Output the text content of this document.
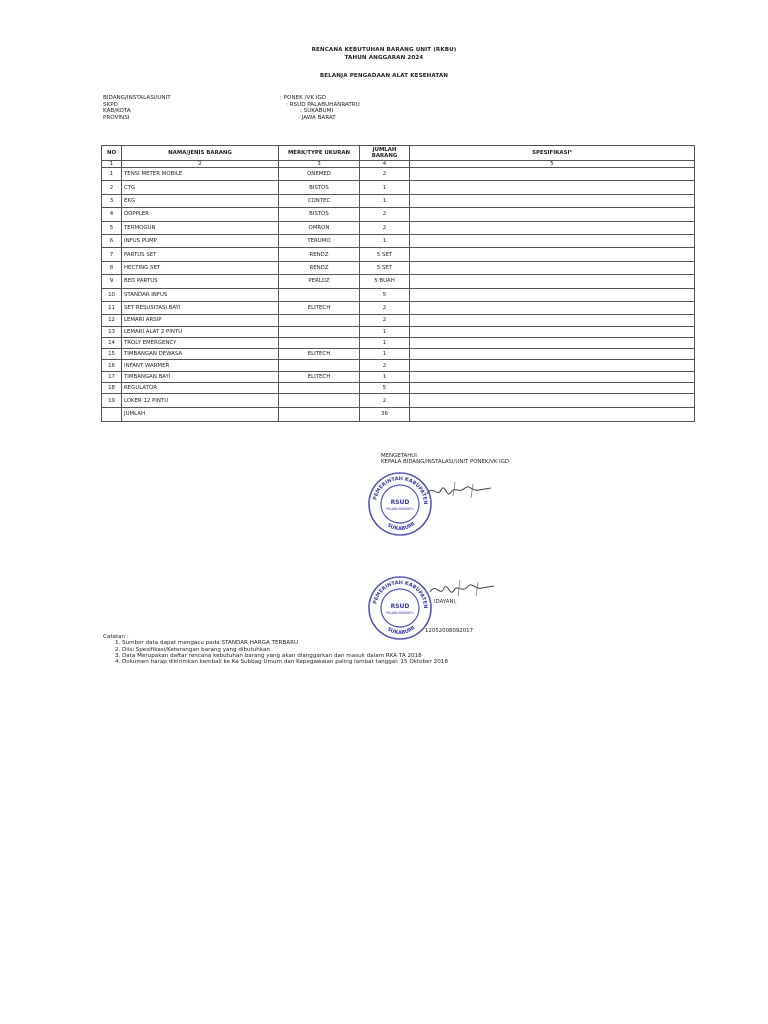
RENCANA KEBUTUHAN BARANG UNIT (RKBU)
TAHUN ANGGARAN 2024
BELANJA PENGADAAN ALAT KESEHATAN
BIDANG/INSTALASI/UNIT	: PONEK /VK IGD
SKPD	: RSUD PALABUHANRATRU
KAB/KOTA	: SUKABUMI
PROVINSI	: JAWA BARAT
NO	NAMA/JENIS BARANG	MERK/TYPE UKURAN	JUMLAH BARANG	SPESIFIKASI²
1	2	3	4	5
1	TENSI METER MOBILE	ONEMED	2	
2	CTG	BISTOS	1	
3	EKG	CONTEC	1	
4	DOPPLER	BISTOS	2	
5	TERMOGUN	OMRON	2	
6	INFUS PUMP	TERUMO	1	
7	PARTUS SET	RENDZ	5 SET	
8	HECTING SET	RENDZ	5 SET	
9	BED PARTUS	PERLOZ	5 BUAH	
10	STANDAR INFUS		5	
11	SET RESUSITASI BAYI	ELITECH	2	
12	LEMARI ARSIP		2	
13	LEMARI ALAT 2 PINTU		1	
14	TROLY EMERGENCY		1	
15	TIMBANGAN DEWASA	ELITECH	1	
16	INFANT WARMER		2	
17	TIMBANGAN BAYI	ELITECH	1	
18	REGULATOR		5	
19	LOKER 12 PINTU		2	
	JUMLAH		36	
MENGETAHUI
KEPALA BIDANG/INSTALASI/UNIT PONEK/VK IGD
PEMERINTAH KABUPATEN
SUKABUMI
RSUD
PALABUHANRATU
PEMERINTAH KABUPATEN
SUKABUMI
RSUD
PALABUHANRATU
IDAYANI,
12052008092017
Catatan :
1. Sumber data dapat mengacu pada STANDAR HARGA TERBARU
2. Diisi Spesifikasi/Keterangan barang yang dibutuhkan
3. Data Merupakan daftar rencana kebutuhan barang yang akan dianggarkan dan masuk dalam RKA TA 2018
4. Dokumen harap dikirimkan kembali ke Ka Subbag Umum dan Kepegawaian paling lambat tanggal: 15 Oktober 2018
